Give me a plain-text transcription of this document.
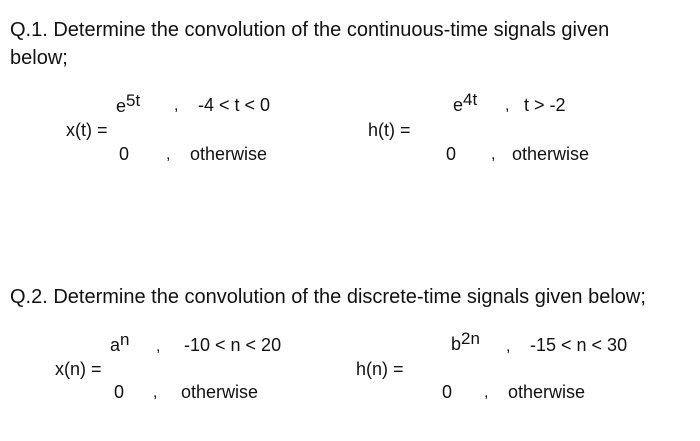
Q.1. Determine the convolution of the continuous-time signals given
below;
x(t) =
$e^{5t}$ , -4 < t < 0
0 , otherwise
h(t) =
$e^{4t}$ , t > -2
0 , otherwise
Q.2. Determine the convolution of the discrete-time signals given below;
x(n) =
$a^n$ , -10 < n < 20
0 , otherwise
h(n) =
$b^{2n}$ , -15 < n < 30
0 , otherwise
